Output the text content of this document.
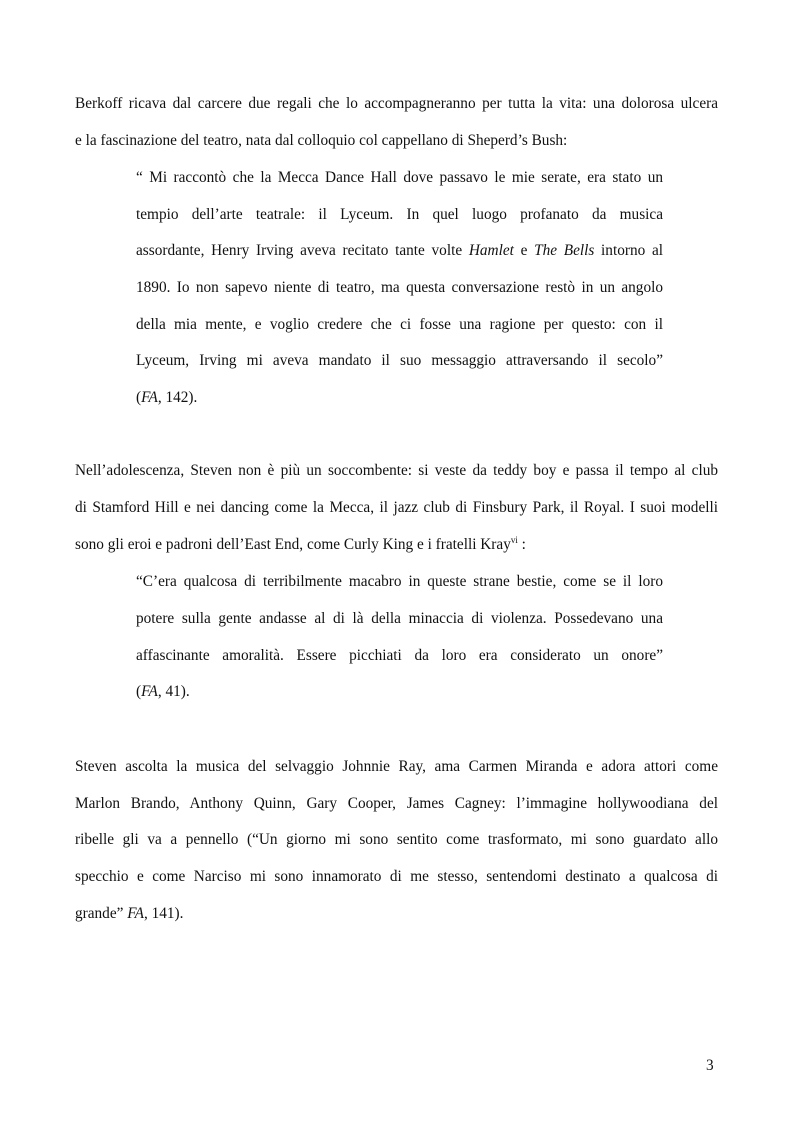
Berkoff ricava dal carcere due regali che lo accompagneranno per tutta la vita: una dolorosa ulcera
e la fascinazione del teatro, nata dal colloquio col cappellano di Sheperd’s Bush:
“ Mi raccontò che la Mecca Dance Hall dove passavo le mie serate, era stato un
tempio dell’arte teatrale: il Lyceum. In quel luogo profanato da musica
assordante, Henry Irving aveva recitato tante volte Hamlet e The Bells intorno al
1890. Io non sapevo niente di teatro, ma questa conversazione restò in un angolo
della mia mente, e voglio credere che ci fosse una ragione per questo: con il
Lyceum, Irving mi aveva mandato il suo messaggio attraversando il secolo”
(FA, 142).
Nell’adolescenza, Steven non è più un soccombente: si veste da teddy boy e passa il tempo al club
di Stamford Hill e nei dancing come la Mecca, il jazz club di Finsbury Park, il Royal. I suoi modelli
sono gli eroi e padroni dell’East End, come Curly King e i fratelli Kray$^{vi}$ :
“C’era qualcosa di terribilmente macabro in queste strane bestie, come se il loro
potere sulla gente andasse al di là della minaccia di violenza. Possedevano una
affascinante amoralità. Essere picchiati da loro era considerato un onore”
(FA, 41).
Steven ascolta la musica del selvaggio Johnnie Ray, ama Carmen Miranda e adora attori come
Marlon Brando, Anthony Quinn, Gary Cooper, James Cagney: l’immagine hollywoodiana del
ribelle gli va a pennello (“Un giorno mi sono sentito come trasformato, mi sono guardato allo
specchio e come Narciso mi sono innamorato di me stesso, sentendomi destinato a qualcosa di
grande” FA, 141).
3
